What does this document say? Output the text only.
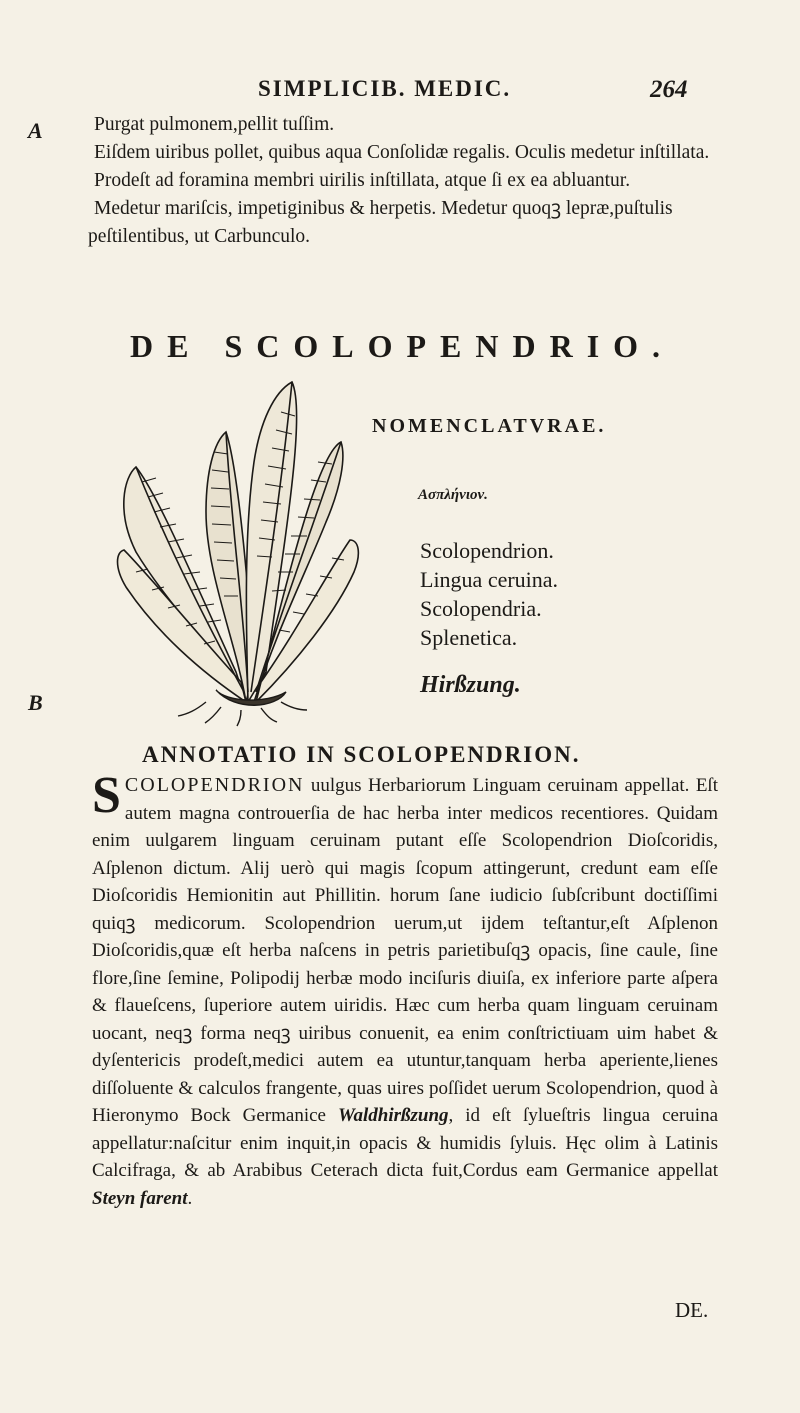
SIMPLICIB. MEDIC.	264
A
B

Purgat pulmonem,pellit tuſſim.

Eiſdem uiribus pollet, quibus aqua Conſolidæ regalis. Oculis medetur inſtillata.

Prodeſt ad foramina membri uirilis inſtillata, atque ſi ex ea abluantur.

Medetur mariſcis, impetiginibus & herpetis. Medetur quoqꝫ lepræ,puſtulis peſtilentibus, ut Carbunculo.

DE SCOLOPENDRIO.
NOMENCLATVRAE.
Ασπλήνιον.
Scolopendrion.
Lingua ceruina.
Scolopendria.
Splenetica.
Hirßzung.
ANNOTATIO IN SCOLOPENDRION.
SCOLOPENDRION uulgus Herbariorum Linguam ceruinam appellat. Eſt autem magna controuerſia de hac herba inter medicos recentiores. Quidam enim uulgarem linguam ceruinam putant eſſe Scolopendrion Dioſcoridis, Aſplenon dictum. Alij uerò qui magis ſcopum attingerunt, credunt eam eſſe Dioſcoridis Hemionitin aut Phillitin. horum ſane iudicio ſubſcribunt doctiſſimi quiqꝫ medicorum. Scolopendrion uerum,ut ijdem teſtantur,eſt Aſplenon Dioſcoridis,quæ eſt herba naſcens in petris parietibuſqꝫ opacis, ſine caule, ſine flore,ſine ſemine, Polipodij herbæ modo inciſuris diuiſa, ex inferiore parte aſpera & flaueſcens, ſuperiore autem uiridis. Hæc cum herba quam linguam ceruinam uocant, neqꝫ forma neqꝫ uiribus conuenit, ea enim conſtrictiuam uim habet & dyſentericis prodeſt,medici autem ea utuntur,tanquam herba aperiente,lienes diſſoluente & calculos frangente, quas uires poſſidet uerum Scolopendrion, quod à Hieronymo Bock Germanice Waldhirßzung, id eſt ſylueſtris lingua ceruina appellatur:naſcitur enim inquit,in opacis & humidis ſyluis. Hęc olim à Latinis Calcifraga, & ab Arabibus Ceterach dicta fuit,Cordus eam Germanice appellat Steyn farent.
DE.
